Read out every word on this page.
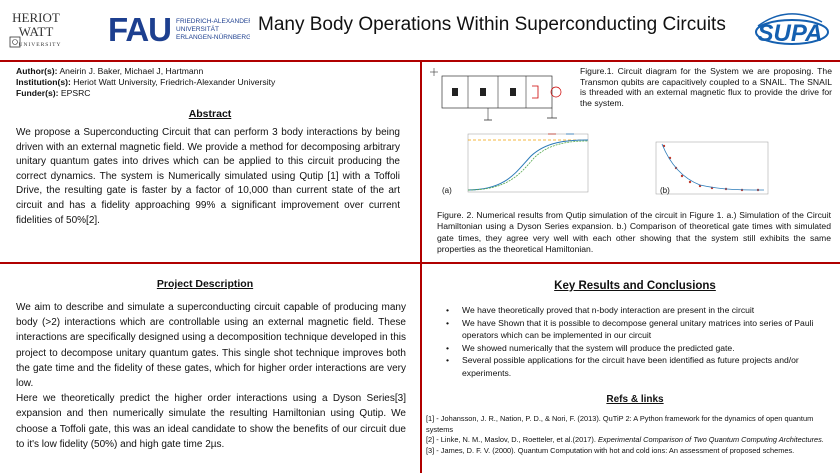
HERIOT
WATT
UNIVERSITY FAU FRIEDRICH-ALEXANDER
UNIVERSITÄT
ERLANGEN-NÜRNBERG
Many Body Operations Within Superconducting Circuits SUPA
Author(s): Aneirin J. Baker, Michael J, Hartmann
Institution(s): Heriot Watt University, Friedrich-Alexander University
Funder(s): EPSRC
Abstract
We propose a Superconducting Circuit that can perform 3 body interactions by being driven with an external magnetic field. We provide a method for decomposing arbitrary unitary quantum gates into drives which can be applied to this circuit producing the correct dynamics. The system is Numerically simulated using Qutip [1] with a Toffoli Drive, the resulting gate is faster by a factor of 10,000 than current state of the art circuit and has a fidelity approaching 99% a significant improvement over current fidelities of 50%[2].
Project Description
We aim to describe and simulate a superconducting circuit capable of producing many body (>2) interactions which are controllable using an external magnetic field. These interactions are specifically designed using a decomposition technique developed in this project to decompose unitary quantum gates. This single shot technique improves both the gate time and the fidelity of these gates, which for higher order interactions are very low.
Here we theoretically predict the higher order interactions using a Dyson Series[3] expansion and then numerically simulate the resulting Hamiltonian using Qutip. We choose a Toffoli gate, this was an ideal candidate to show the benefits of our circuit due to it's low fidelity (50%) and high gate time 2µs.
Figure.1. Circuit diagram for the System we are proposing. The Transmon qubits are capacitively coupled to a SNAIL. The SNAIL is threaded with an external magnetic flux to provide the drive for the system.
(a)	(b)
Figure. 2. Numerical results from Qutip simulation of the circuit in Figure 1. a.) Simulation of the Circuit Hamiltonian using a Dyson Series expansion. b.) Comparison of theoretical gate times with simulated gate times, they agree very well with each other showing that the system still exhibits the same properties as the theoretical Hamiltonian.
Key Results and Conclusions
• We have theoretically proved that n-body interaction are present in the circuit
• We have Shown that it is possible to decompose general unitary matrices into series of Pauli operators which can be implemented in our circuit
• We showed numerically that the system will produce the predicted gate.
• Several possible applications for the circuit have been identified as future projects and/or experiments.
Refs & links
[1] - Johansson, J. R., Nation, P. D., & Nori, F. (2013). QuTiP 2: A Python framework for the dynamics of open quantum systems
[2] - Linke, N. M., Maslov, D., Roetteler, et al.(2017). Experimental Comparison of Two Quantum Computing Architectures.
[3] - James, D. F. V. (2000). Quantum Computation with hot and cold ions: An assessment of proposed schemes.
